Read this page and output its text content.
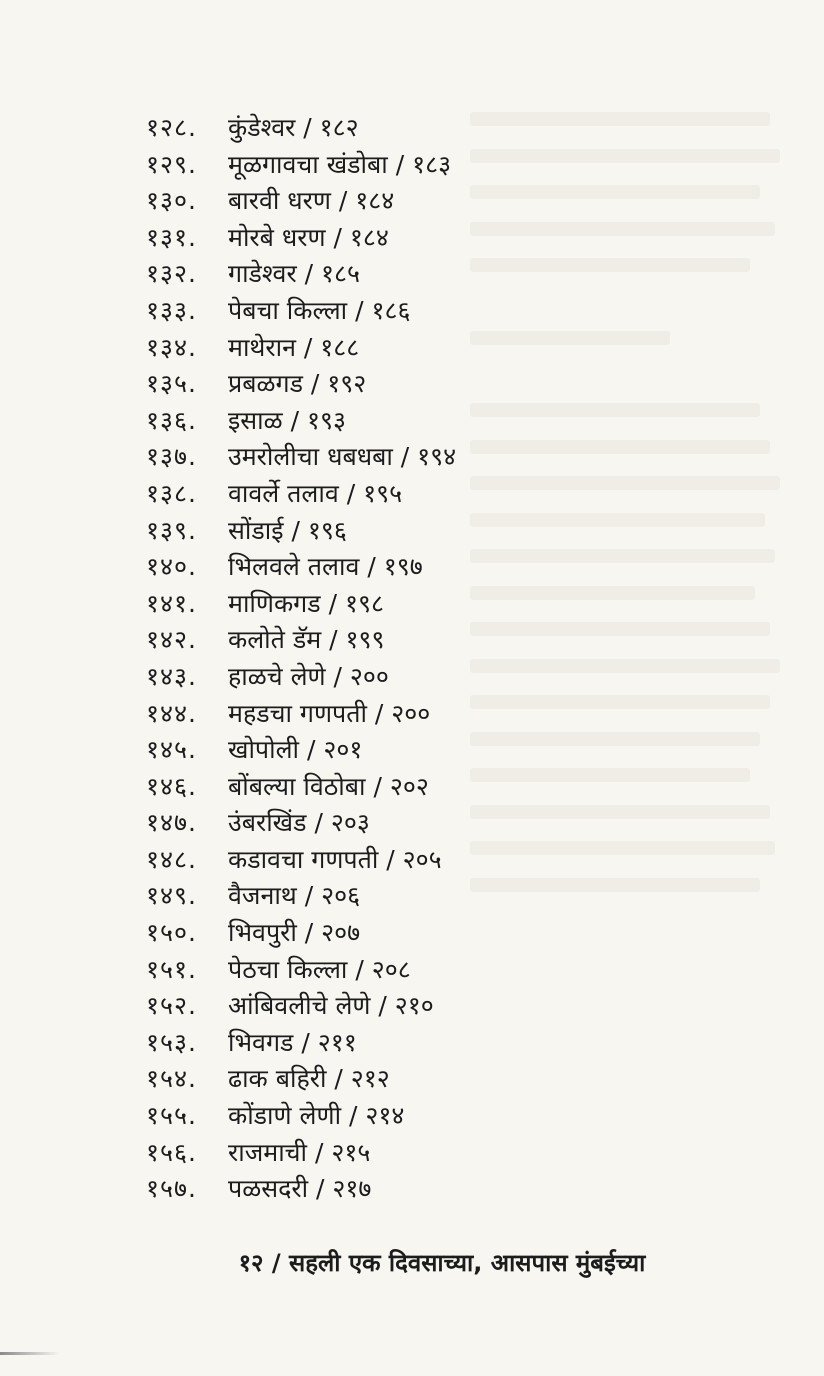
१२८. कुंडेश्वर / १८२
१२९. मूळगावचा खंडोबा / १८३
१३०. बारवी धरण / १८४
१३१. मोरबे धरण / १८४
१३२. गाडेश्वर / १८५
१३३. पेबचा किल्ला / १८६
१३४. माथेरान / १८८
१३५. प्रबळगड / १९२
१३६. इसाळ / १९३
१३७. उमरोलीचा धबधबा / १९४
१३८. वावर्ले तलाव / १९५
१३९. सोंडाई / १९६
१४०. भिलवले तलाव / १९७
१४१. माणिकगड / १९८
१४२. कलोते डॅम / १९९
१४३. हाळचे लेणे / २००
१४४. महडचा गणपती / २००
१४५. खोपोली / २०१
१४६. बोंबल्या विठोबा / २०२
१४७. उंबरखिंड / २०३
१४८. कडावचा गणपती / २०५
१४९. वैजनाथ / २०६
१५०. भिवपुरी / २०७
१५१. पेठचा किल्ला / २०८
१५२. आंबिवलीचे लेणे / २१०
१५३. भिवगड / २११
१५४. ढाक बहिरी / २१२
१५५. कोंडाणे लेणी / २१४
१५६. राजमाची / २१५
१५७. पळसदरी / २१७
१२ / सहली एक दिवसाच्या, आसपास मुंबईच्या
